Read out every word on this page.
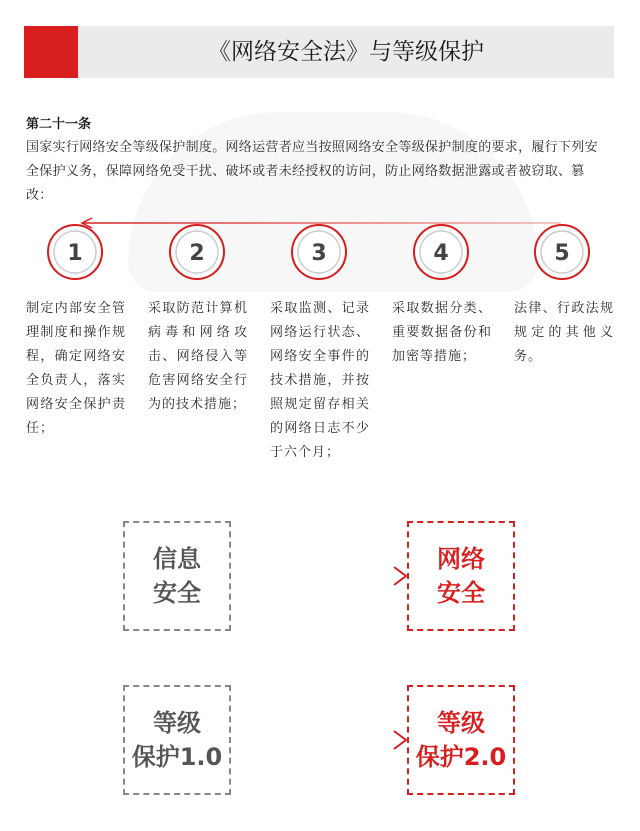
《网络安全法》与等级保护
第二十一条
国家实行网络安全等级保护制度。网络运营者应当按照网络安全等级保护制度的要求，履行下列安全保护义务，保障网络免受干扰、破坏或者未经授权的访问，防止网络数据泄露或者被窃取、篡改：
1	2	3	4	5
制定内部安全管理制度和操作规程，确定网络安全负责人，落实网络安全保护责任；
采取防范计算机病毒和网络攻击、网络侵入等危害网络安全行为的技术措施；
采取监测、记录网络运行状态、网络安全事件的技术措施，并按照规定留存相关的网络日志不少于六个月；
采取数据分类、重要数据备份和加密等措施；
法律、行政法规规定的其他义务。
信息
安全
网络
安全
等级
保护1.0
等级
保护2.0
